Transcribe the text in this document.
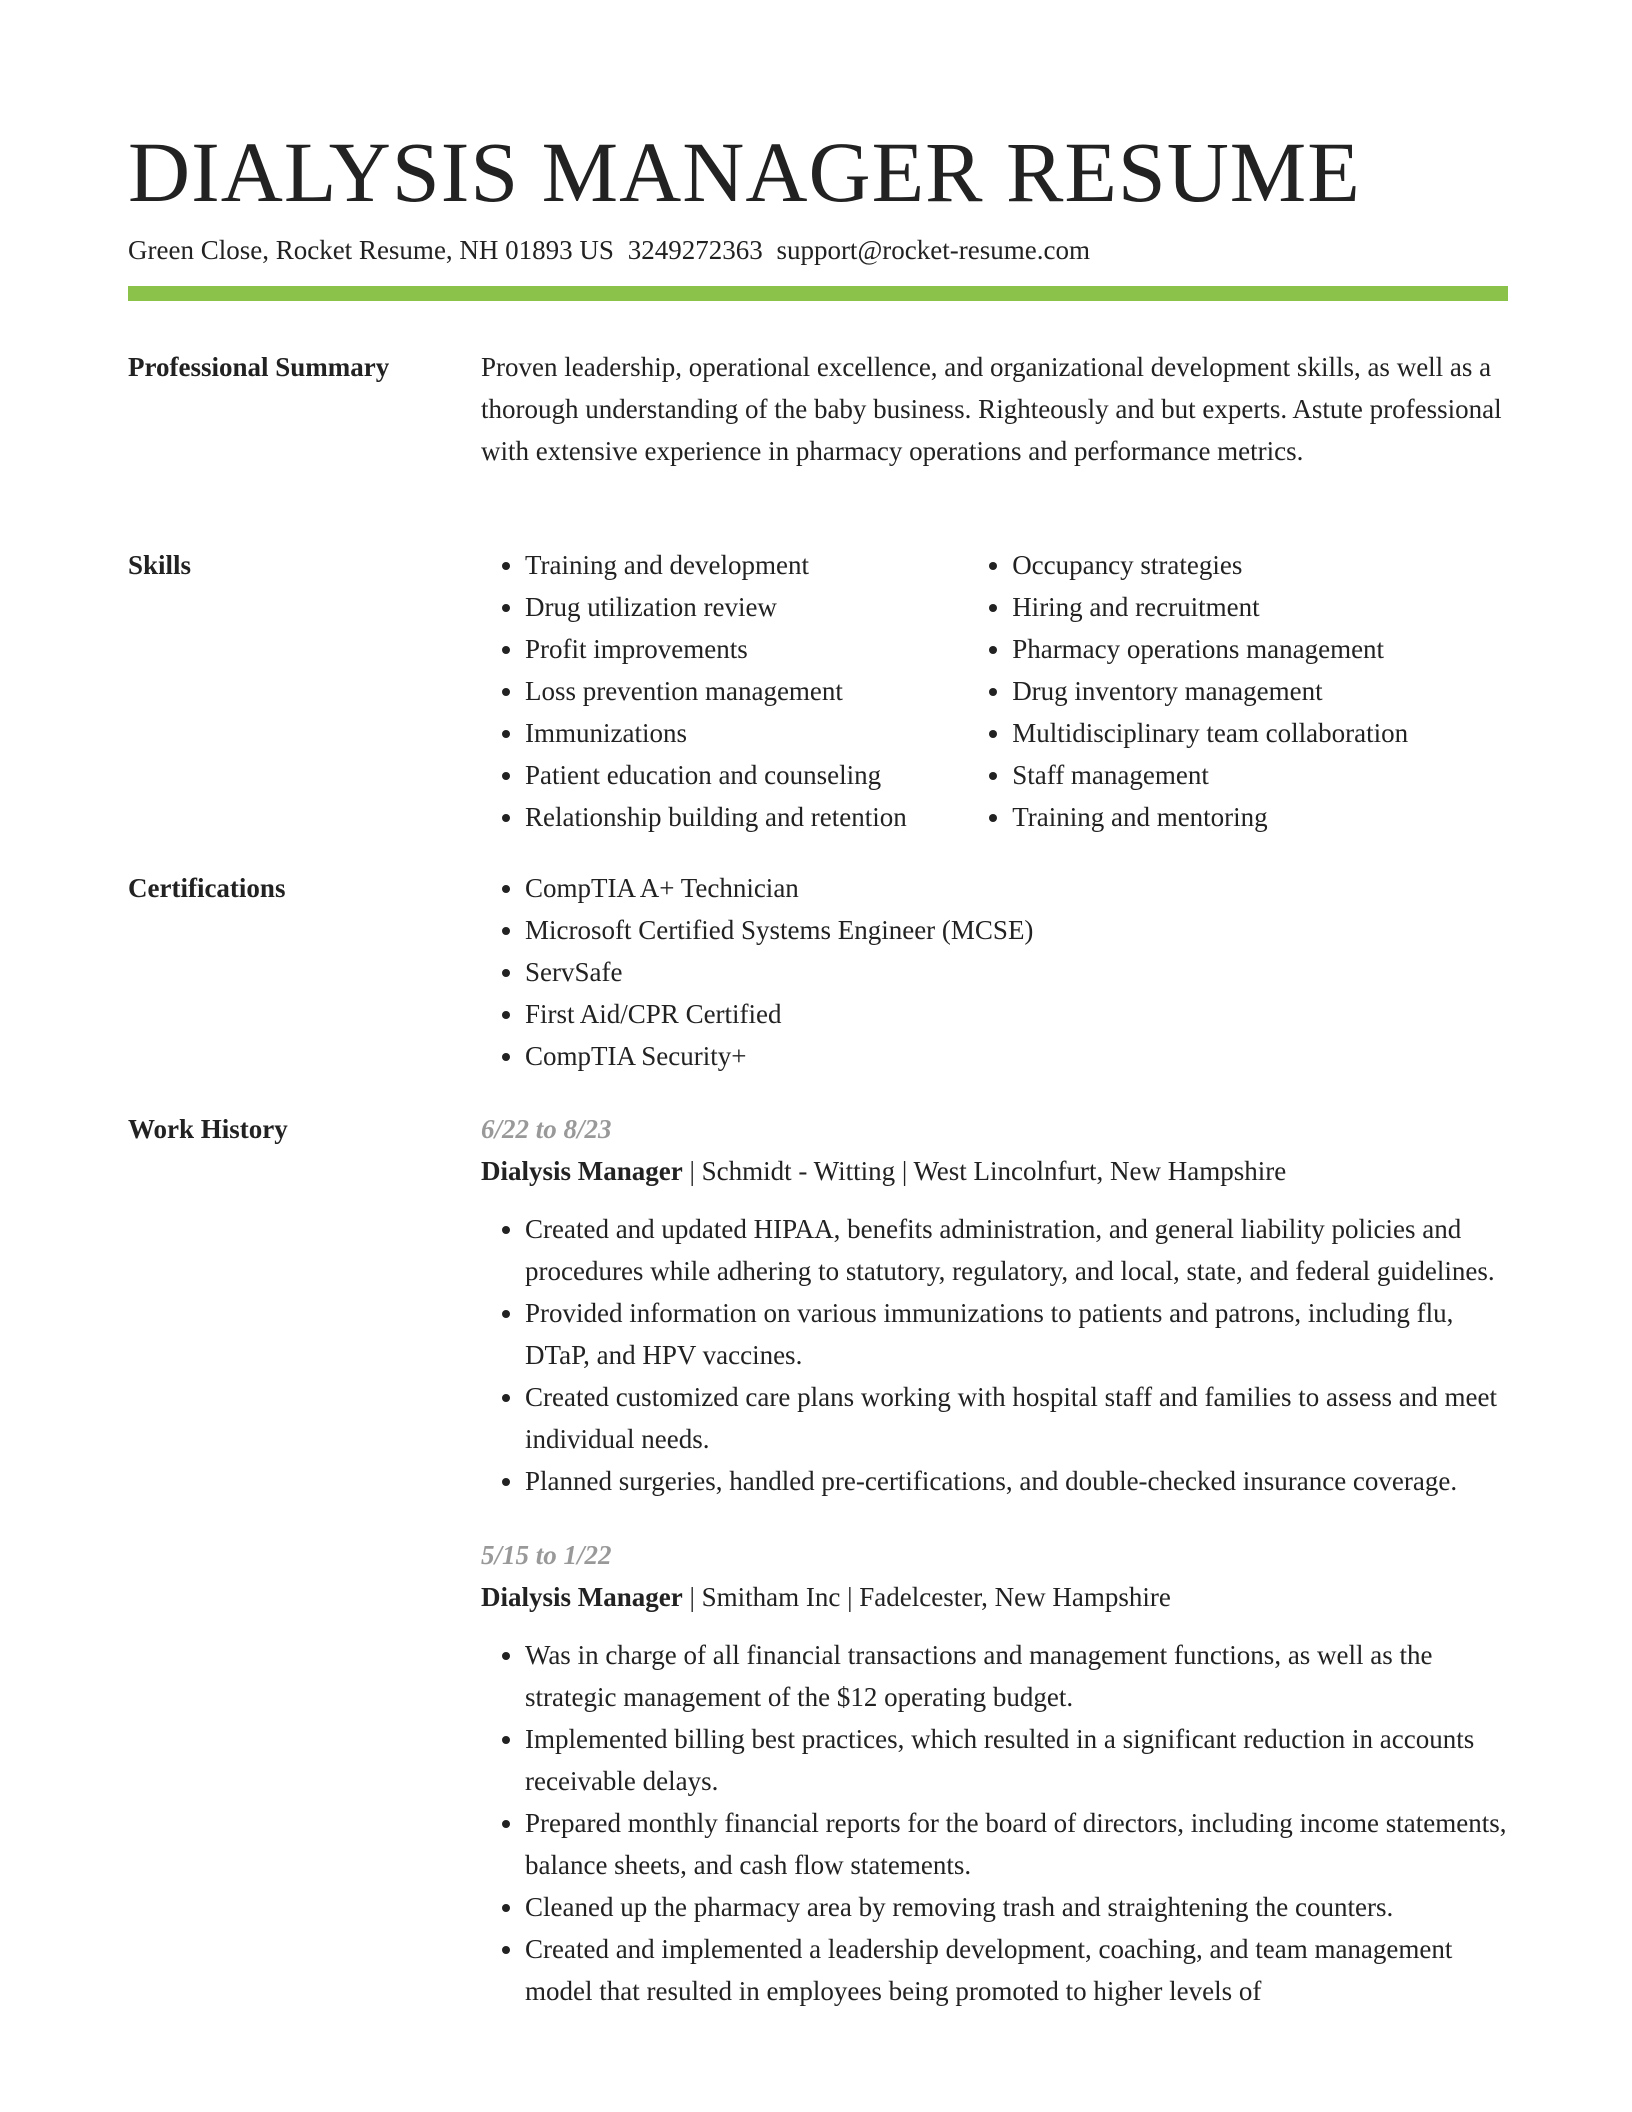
DIALYSIS MANAGER RESUME
Green Close, Rocket Resume, NH 01893 US 3249272363 support@rocket-resume.com
Professional Summary	Proven leadership, operational excellence, and organizational development skills, as well as a thorough understanding of the baby business. Righteously and but experts. Astute professional with extensive experience in pharmacy operations and performance metrics.

Skills	• Training and development
• Drug utilization review
• Profit improvements
• Loss prevention management
• Immunizations
• Patient education and counseling
• Relationship building and retention
• Occupancy strategies
• Hiring and recruitment
• Pharmacy operations management
• Drug inventory management
• Multidisciplinary team collaboration
• Staff management
• Training and mentoring
Certifications	• CompTIA A+ Technician
• Microsoft Certified Systems Engineer (MCSE)
• ServSafe
• First Aid/CPR Certified
• CompTIA Security+
Work History	6/22 to 8/23

Dialysis Manager | Schmidt - Witting | West Lincolnfurt, New Hampshire

• Created and updated HIPAA, benefits administration, and general liability policies and procedures while adhering to statutory, regulatory, and local, state, and federal guidelines.
• Provided information on various immunizations to patients and patrons, including flu, DTaP, and HPV vaccines.
• Created customized care plans working with hospital staff and families to assess and meet individual needs.
• Planned surgeries, handled pre-certifications, and double-checked insurance coverage.

5/15 to 1/22

Dialysis Manager | Smitham Inc | Fadelcester, New Hampshire

• Was in charge of all financial transactions and management functions, as well as the strategic management of the $12 operating budget.
• Implemented billing best practices, which resulted in a significant reduction in accounts receivable delays.
• Prepared monthly financial reports for the board of directors, including income statements, balance sheets, and cash flow statements.
• Cleaned up the pharmacy area by removing trash and straightening the counters.
• Created and implemented a leadership development, coaching, and team management model that resulted in employees being promoted to higher levels of
